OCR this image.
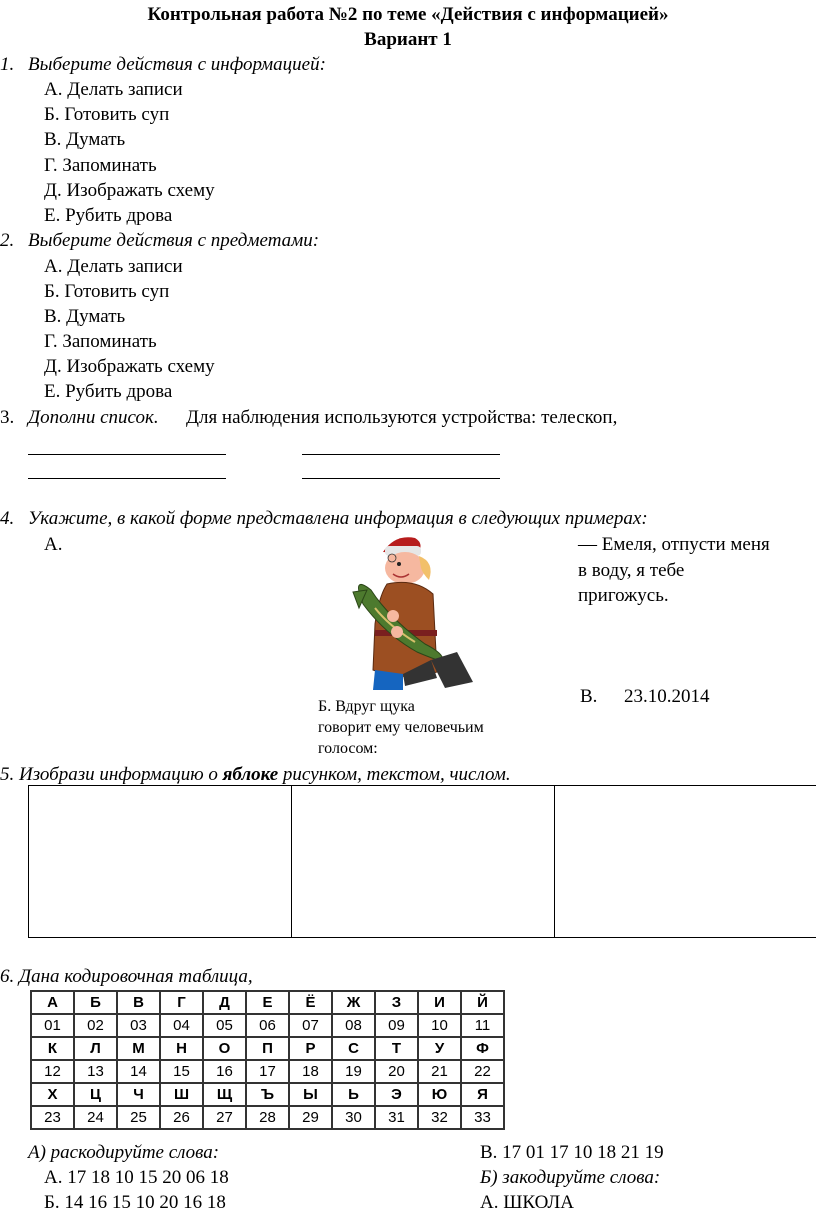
Контрольная работа №2 по теме «Действия с информацией»
Вариант 1
1. Выберите действия с информацией:
А. Делать записи
Б. Готовить суп
В. Думать
Г. Запоминать
Д. Изображать схему
Е. Рубить дрова
2. Выберите действия с предметами:
А. Делать записи
Б. Готовить суп
В. Думать
Г. Запоминать
Д. Изображать схему
Е. Рубить дрова
3. Дополни список. Для наблюдения используются устройства: телескоп,
4. Укажите, в какой форме представлена информация в следующих примерах:
А.	— Емеля, отпусти меня
в воду, я тебе
пригожусь.
Б. Вдруг щука
говорит ему человечьим
голосом:
В. 23.10.2014
5. Изобрази информацию о яблоке рисунком, текстом, числом.
6. Дана кодировочная таблица,
А	Б	В	Г	Д	Е	Ё	Ж	З	И	Й
01	02	03	04	05	06	07	08	09	10	11
К	Л	М	Н	О	П	Р	С	Т	У	Ф
12	13	14	15	16	17	18	19	20	21	22
Х	Ц	Ч	Ш	Щ	Ъ	Ы	Ь	Э	Ю	Я
23	24	25	26	27	28	29	30	31	32	33
А) раскодируйте слова:
А. 17 18 10 15 20 06 18
Б. 14 16 15 10 20 16 18
В. 17 01 17 10 18 21 19
Б) закодируйте слова:
А. ШКОЛА
